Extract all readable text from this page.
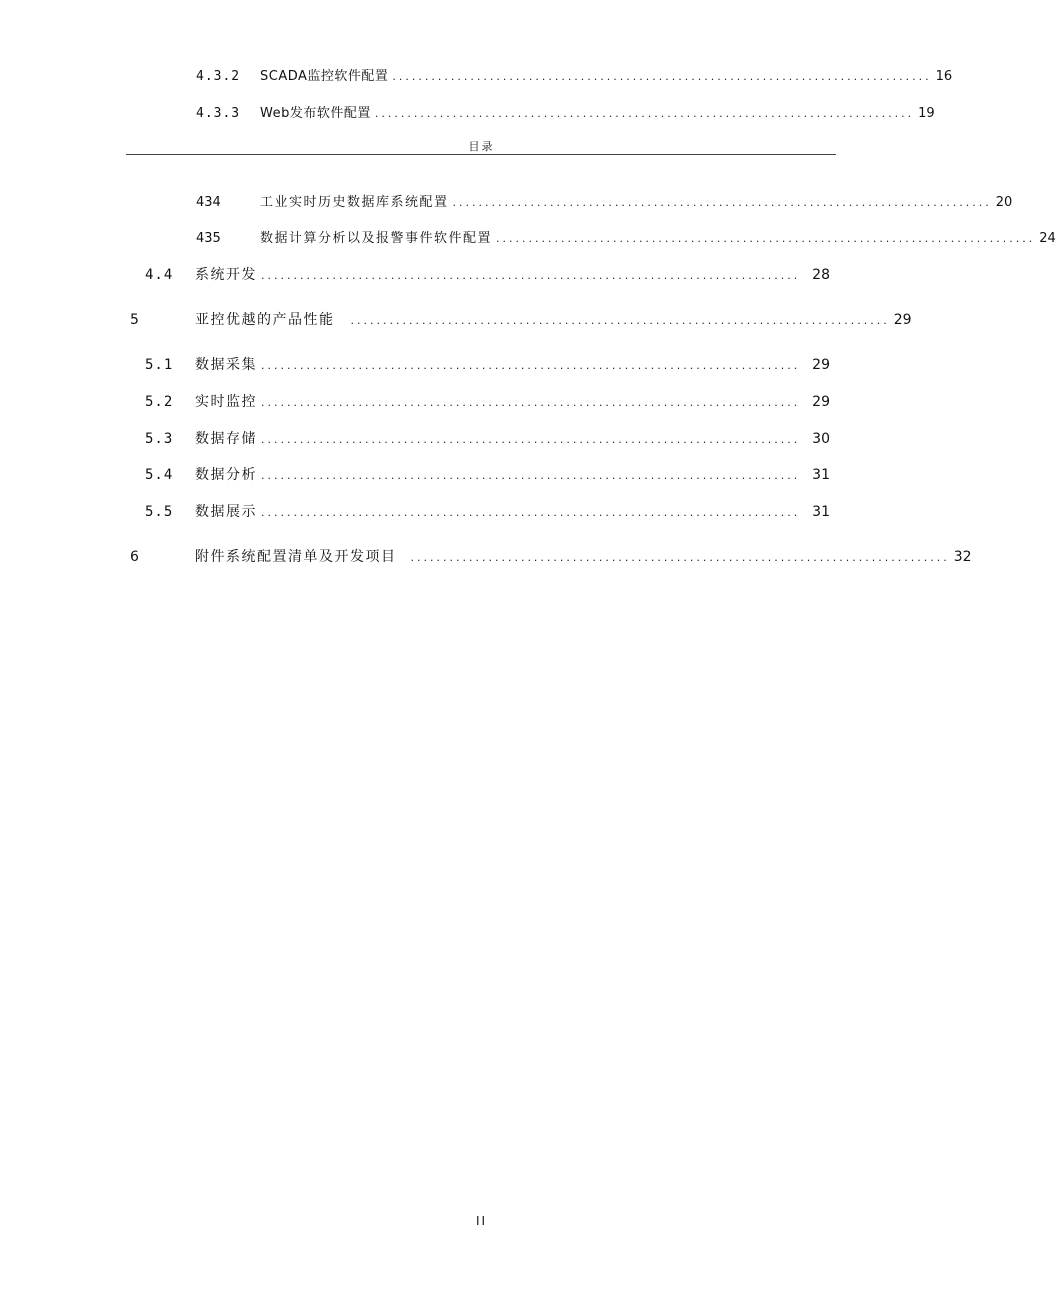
4.3.2	SCADA监控软件配置 ................................................................................... 16
4.3.3	Web发布软件配置 ................................................................................... 19
目录
434	工业实时历史数据库系统配置 ................................................................................... 20
435	数据计算分析以及报警事件软件配置 ................................................................................... 24
4.4	系统开发 ................................................................................... 28
5	亚控优越的产品性能 ................................................................................... 29
5.1	数据采集 ................................................................................... 29
5.2	实时监控 ................................................................................... 29
5.3	数据存储 ................................................................................... 30
5.4	数据分析 ................................................................................... 31
5.5	数据展示 ................................................................................... 31
6	附件系统配置清单及开发项目 ................................................................................... 32
II
